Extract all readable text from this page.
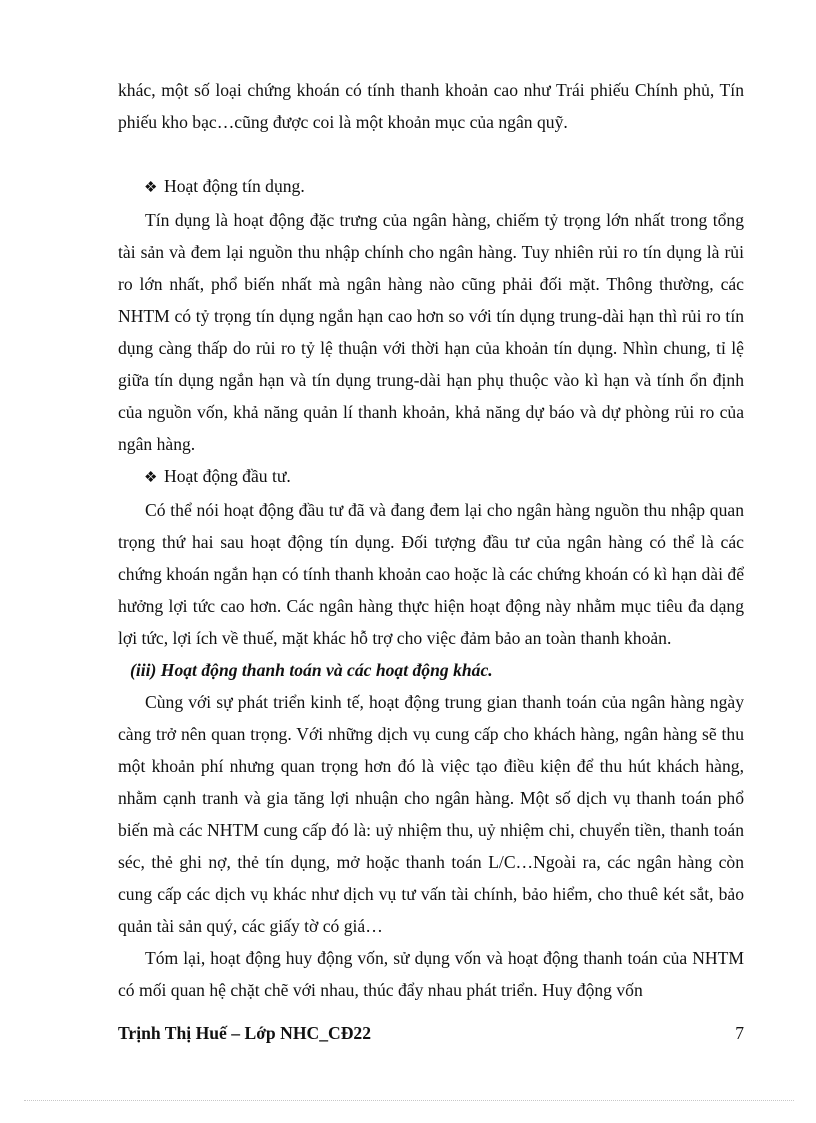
khác, một số loại chứng khoán có tính thanh khoản cao như Trái phiếu Chính phủ, Tín phiếu kho bạc…cũng được coi là một khoản mục của ngân quỹ.

❖ Hoạt động tín dụng.

Tín dụng là hoạt động đặc trưng của ngân hàng, chiếm tỷ trọng lớn nhất trong tổng tài sản và đem lại nguồn thu nhập chính cho ngân hàng. Tuy nhiên rủi ro tín dụng là rủi ro lớn nhất, phổ biến nhất mà ngân hàng nào cũng phải đối mặt. Thông thường, các NHTM có tỷ trọng tín dụng ngắn hạn cao hơn so với tín dụng trung-dài hạn thì rủi ro tín dụng càng thấp do rủi ro tỷ lệ thuận với thời hạn của khoản tín dụng. Nhìn chung, tỉ lệ giữa tín dụng ngắn hạn và tín dụng trung-dài hạn phụ thuộc vào kì hạn và tính ổn định của nguồn vốn, khả năng quản lí thanh khoản, khả năng dự báo và dự phòng rủi ro của ngân hàng.

❖ Hoạt động đầu tư.

Có thể nói hoạt động đầu tư đã và đang đem lại cho ngân hàng nguồn thu nhập quan trọng thứ hai sau hoạt động tín dụng. Đối tượng đầu tư của ngân hàng có thể là các chứng khoán ngắn hạn có tính thanh khoản cao hoặc là các chứng khoán có kì hạn dài để hưởng lợi tức cao hơn. Các ngân hàng thực hiện hoạt động này nhằm mục tiêu đa dạng lợi tức, lợi ích về thuế, mặt khác hỗ trợ cho việc đảm bảo an toàn thanh khoản.

(iii) Hoạt động thanh toán và các hoạt động khác.

Cùng với sự phát triển kinh tế, hoạt động trung gian thanh toán của ngân hàng ngày càng trở nên quan trọng. Với những dịch vụ cung cấp cho khách hàng, ngân hàng sẽ thu một khoản phí nhưng quan trọng hơn đó là việc tạo điều kiện để thu hút khách hàng, nhằm cạnh tranh và gia tăng lợi nhuận cho ngân hàng. Một số dịch vụ thanh toán phổ biến mà các NHTM cung cấp đó là: uỷ nhiệm thu, uỷ nhiệm chi, chuyển tiền, thanh toán séc, thẻ ghi nợ, thẻ tín dụng, mở hoặc thanh toán L/C…Ngoài ra, các ngân hàng còn cung cấp các dịch vụ khác như dịch vụ tư vấn tài chính, bảo hiểm, cho thuê két sắt, bảo quản tài sản quý, các giấy tờ có giá…

Tóm lại, hoạt động huy động vốn, sử dụng vốn và hoạt động thanh toán của NHTM có mối quan hệ chặt chẽ với nhau, thúc đẩy nhau phát triển. Huy động vốn

Trịnh Thị Huế – Lớp NHC_CĐ22	7
